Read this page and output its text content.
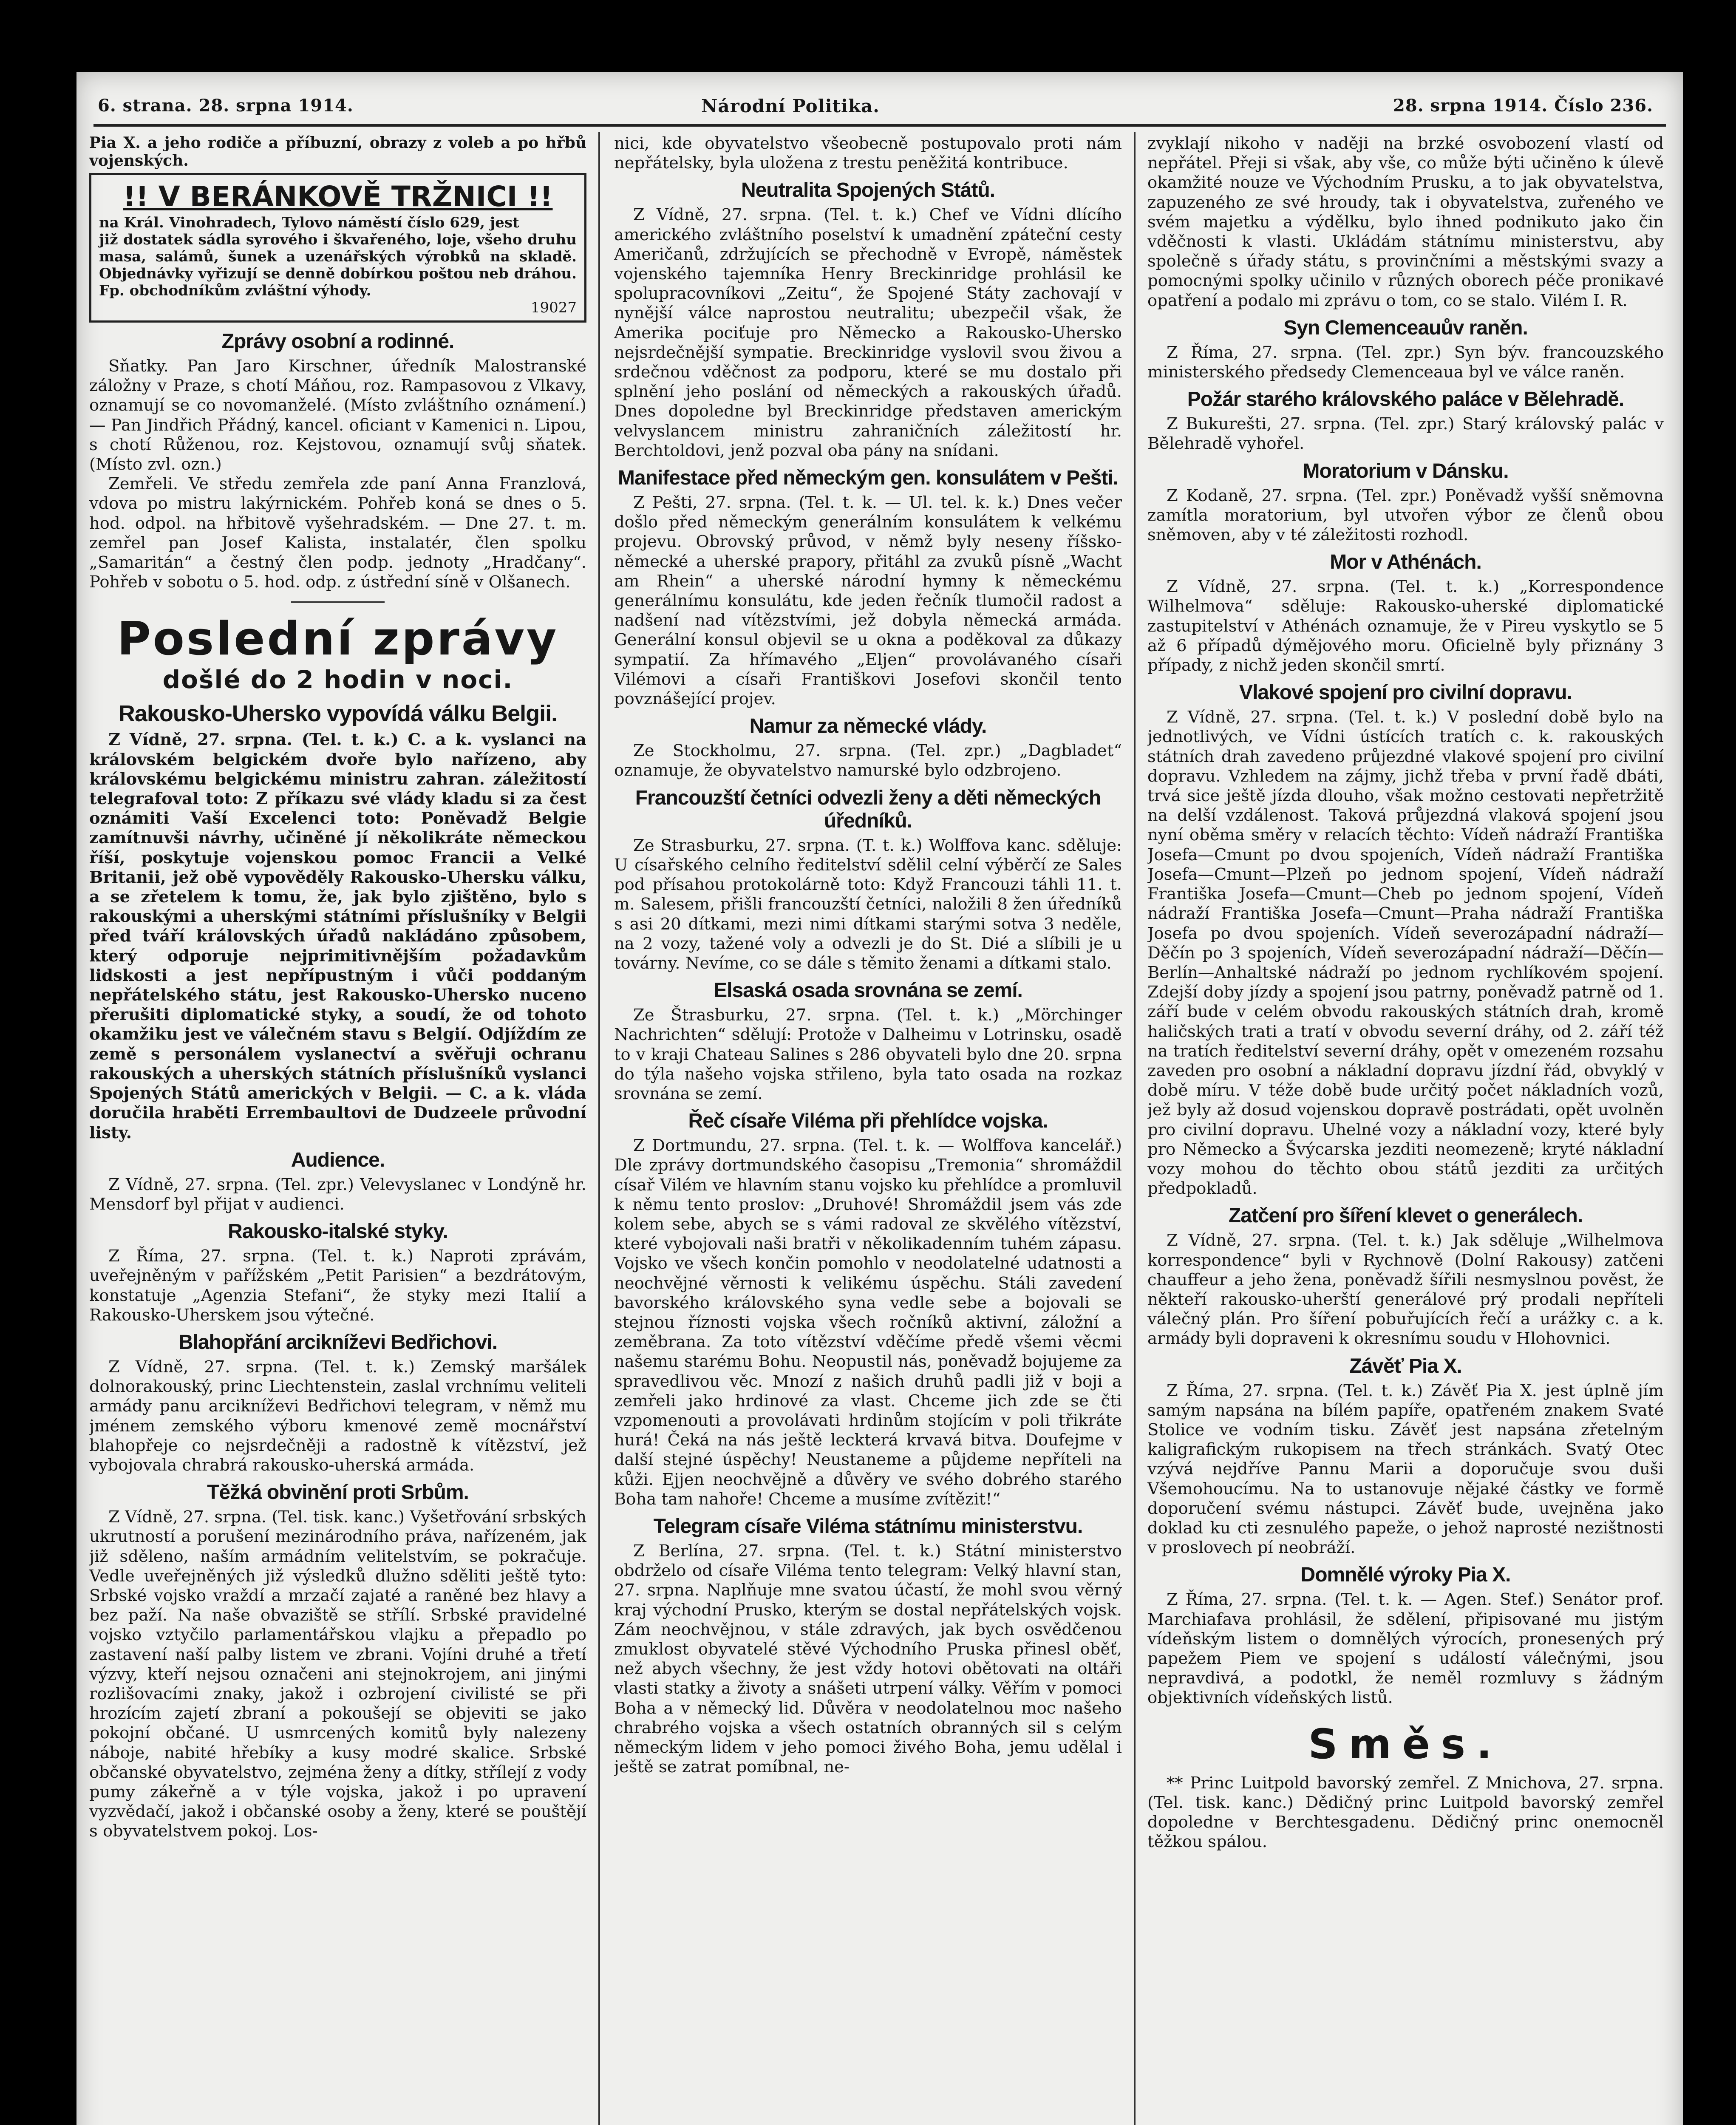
6. strana. 28. srpna 1914.	Národní Politika.	28. srpna 1914. Číslo 236.

Pia X. a jeho rodiče a příbuzní, obrazy z voleb a po hřbů vojenských.

!! V BERÁNKOVĚ TRŽNICI !!
na Král. Vinohradech, Tylovo náměstí číslo 629, jest
již dostatek sádla syrového i škvařeného, loje, všeho druhu masa, salámů, šunek a uzenářských výrobků na skladě. Objednávky vyřizují se denně dobírkou poštou neb dráhou. Fp. obchodníkům zvláštní výhody.
19027
Zprávy osobní a rodinné.

Sňatky. Pan Jaro Kirschner, úředník Malostranské záložny v Praze, s chotí Máňou, roz. Rampasovou z Vlkavy, oznamují se co novomanželé. (Místo zvláštního oznámení.) — Pan Jindřich Přádný, kancel. oficiant v Kamenici n. Lipou, s chotí Růženou, roz. Kejstovou, oznamují svůj sňatek. (Místo zvl. ozn.)

Zemřeli. Ve středu zemřela zde paní Anna Franzlová, vdova po mistru lakýrnickém. Pohřeb koná se dnes o 5. hod. odpol. na hřbitově vyšehradském. — Dne 27. t. m. zemřel pan Josef Kalista, instalatér, člen spolku „Samaritán“ a čestný člen podp. jednoty „Hradčany“. Pohřeb v sobotu o 5. hod. odp. z ústřední síně v Olšanech.

Poslední zprávy
došlé do 2 hodin v noci.
Rakousko-Uhersko vypovídá válku Belgii.

Z Vídně, 27. srpna. (Tel. t. k.) C. a k. vyslanci na královském belgickém dvoře bylo nařízeno, aby královskému belgickému ministru zahran. záležitostí telegrafoval toto: Z příkazu své vlády kladu si za čest oznámiti Vaší Excelenci toto: Poněvadž Belgie zamítnuvši návrhy, učiněné jí několikráte německou říší, poskytuje vojenskou pomoc Francii a Velké Britanii, jež obě vypověděly Rakousko-Uhersku válku, a se zřetelem k tomu, že, jak bylo zjištěno, bylo s rakouskými a uherskými státními příslušníky v Belgii před tváří královských úřadů nakládáno způsobem, který odporuje nejprimitivnějším požadavkům lidskosti a jest nepřípustným i vůči poddaným nepřátelského státu, jest Rakousko-Uhersko nuceno přerušiti diplomatické styky, a soudí, že od tohoto okamžiku jest ve válečném stavu s Belgií. Odjíždím ze země s personálem vyslanectví a svěřuji ochranu rakouských a uherských státních příslušníků vyslanci Spojených Států amerických v Belgii. — C. a k. vláda doručila hraběti Errembaultovi de Dudzeele průvodní listy.

Audience.

Z Vídně, 27. srpna. (Tel. zpr.) Velevyslanec v Londýně hr. Mensdorf byl přijat v audienci.

Rakousko-italské styky.

Z Říma, 27. srpna. (Tel. t. k.) Naproti zprávám, uveřejněným v pařížském „Petit Parisien“ a bezdrátovým, konstatuje „Agenzia Stefani“, že styky mezi Italií a Rakousko-Uherskem jsou výtečné.

Blahopřání arcikníževi Bedřichovi.

Z Vídně, 27. srpna. (Tel. t. k.) Zemský maršálek dolnorakouský, princ Liechtenstein, zaslal vrchnímu veliteli armády panu arcikníževi Bedřichovi telegram, v němž mu jménem zemského výboru kmenové země mocnářství blahopřeje co nejsrdečněji a radostně k vítězství, jež vybojovala chrabrá rakousko-uherská armáda.

Těžká obvinění proti Srbům.

Z Vídně, 27. srpna. (Tel. tisk. kanc.) Vyšetřování srbských ukrutností a porušení mezinárodního práva, nařízeném, jak již sděleno, naším armádním velitelstvím, se pokračuje. Vedle uveřejněných již výsledků dlužno sděliti ještě tyto: Srbské vojsko vraždí a mrzačí zajaté a raněné bez hlavy a bez paží. Na naše obvaziště se střílí. Srbské pravidelné vojsko vztyčilo parlamentářskou vlajku a přepadlo po zastavení naší palby listem ve zbrani. Vojíni druhé a třetí výzvy, kteří nejsou označeni ani stejnokrojem, ani jinými rozlišovacími znaky, jakož i ozbrojení civilisté se při hrozícím zajetí zbraní a pokoušejí se objeviti se jako pokojní občané. U usmrcených komitů byly nalezeny náboje, nabité hřebíky a kusy modré skalice. Srbské občanské obyvatelstvo, zejména ženy a dítky, střílejí z vody pumy zákeřně a v týle vojska, jakož i po upravení vyzvědačí, jakož i občanské osoby a ženy, které se pouštějí s obyvatelstvem pokoj. Los-

nici, kde obyvatelstvo všeobecně postupovalo proti nám nepřátelsky, byla uložena z trestu peněžitá kontribuce.

Neutralita Spojených Států.

Z Vídně, 27. srpna. (Tel. t. k.) Chef ve Vídni dlícího amerického zvláštního poselství k umadnění zpáteční cesty Američanů, zdržujících se přechodně v Evropě, náměstek vojenského tajemníka Henry Breckinridge prohlásil ke spolupracovníkovi „Zeitu“, že Spojené Státy zachovají v nynější válce naprostou neutralitu; ubezpečil však, že Amerika pociťuje pro Německo a Rakousko-Uhersko nejsrdečnější sympatie. Breckinridge vyslovil svou živou a srdečnou vděčnost za podporu, které se mu dostalo při splnění jeho poslání od německých a rakouských úřadů. Dnes dopoledne byl Breckinridge představen americkým velvyslancem ministru zahraničních záležitostí hr. Berchtoldovi, jenž pozval oba pány na snídani.

Manifestace před německým gen. konsulátem v Pešti.

Z Pešti, 27. srpna. (Tel. t. k. — Ul. tel. k. k.) Dnes večer došlo před německým generálním konsulátem k velkému projevu. Obrovský průvod, v němž byly neseny říšsko-německé a uherské prapory, přitáhl za zvuků písně „Wacht am Rhein“ a uherské národní hymny k německému generálnímu konsulátu, kde jeden řečník tlumočil radost a nadšení nad vítězstvími, jež dobyla německá armáda. Generální konsul objevil se u okna a poděkoval za důkazy sympatií. Za hřímavého „Eljen“ provolávaného císaři Vilémovi a císaři Františkovi Josefovi skončil tento povznášející projev.

Namur za německé vlády.

Ze Stockholmu, 27. srpna. (Tel. zpr.) „Dagbladet“ oznamuje, že obyvatelstvo namurské bylo odzbrojeno.

Francouzští četníci odvezli ženy a děti německých úředníků.

Ze Strasburku, 27. srpna. (T. t. k.) Wolffova kanc. sděluje: U císařského celního ředitelství sdělil celní výběrčí ze Sales pod přísahou protokolárně toto: Když Francouzi táhli 11. t. m. Salesem, přišli francouzští četníci, naložili 8 žen úředníků s asi 20 dítkami, mezi nimi dítkami starými sotva 3 neděle, na 2 vozy, tažené voly a odvezli je do St. Dié a slíbili je u továrny. Nevíme, co se dále s těmito ženami a dítkami stalo.

Elsaská osada srovnána se zemí.

Ze Štrasburku, 27. srpna. (Tel. t. k.) „Mörchinger Nachrichten“ sdělují: Protože v Dalheimu v Lotrinsku, osadě to v kraji Chateau Salines s 286 obyvateli bylo dne 20. srpna do týla našeho vojska střileno, byla tato osada na rozkaz srovnána se zemí.

Řeč císaře Viléma při přehlídce vojska.

Z Dortmundu, 27. srpna. (Tel. t. k. — Wolffova kancelář.) Dle zprávy dortmundského časopisu „Tremonia“ shromáždil císař Vilém ve hlavním stanu vojsko ku přehlídce a promluvil k němu tento proslov: „Druhové! Shromáždil jsem vás zde kolem sebe, abych se s vámi radoval ze skvělého vítězství, které vybojovali naši bratři v několikadenním tuhém zápasu. Vojsko ve všech končin pomohlo v neodolatelné udatnosti a neochvějné věrnosti k velikému úspěchu. Stáli zavedení bavorského královského syna vedle sebe a bojovali se stejnou říznosti vojska všech ročníků aktivní, záložní a zeměbrana. Za toto vítězství vděčíme předě všemi věcmi našemu starému Bohu. Neopustil nás, poněvadž bojujeme za spravedlivou věc. Mnozí z našich druhů padli již v boji a zemřeli jako hrdinové za vlast. Chceme jich zde se čti vzpomenouti a provolávati hrdinům stojícím v poli třikráte hurá! Čeká na nás ještě leckterá krvavá bitva. Doufejme v další stejné úspěchy! Neustaneme a půjdeme nepříteli na kůži. Ejjen neochvějně a důvěry ve svého dobrého starého Boha tam nahoře! Chceme a musíme zvítězit!“

Telegram císaře Viléma státnímu ministerstvu.

Z Berlína, 27. srpna. (Tel. t. k.) Státní ministerstvo obdrželo od císaře Viléma tento telegram: Velký hlavní stan, 27. srpna. Naplňuje mne svatou účastí, že mohl svou věrný kraj východní Prusko, kterým se dostal nepřátelských vojsk. Zám neochvějnou, v stále zdravých, jak bych osvědčenou zmuklost obyvatelé stěvé Východního Pruska přinesl oběť, než abych všechny, že jest vždy hotovi obětovati na oltáři vlasti statky a životy a snášeti utrpení války. Věřím v pomoci Boha a v německý lid. Důvěra v neodolatelnou moc našeho chrabrého vojska a všech ostatních obranných sil s celým německým lidem v jeho pomoci živého Boha, jemu udělal i ještě se zatrat pomíbnal, ne-

zvyklají nikoho v naději na brzké osvobození vlastí od nepřátel. Přeji si však, aby vše, co může býti učiněno k úlevě okamžité nouze ve Východním Prusku, a to jak obyvatelstva, zapuzeného ze své hroudy, tak i obyvatelstva, zuřeného ve svém majetku a výdělku, bylo ihned podnikuto jako čin vděčnosti k vlasti. Ukládám státnímu ministerstvu, aby společně s úřady státu, s provinčními a městskými svazy a pomocnými spolky učinilo v různých oborech péče pronikavé opatření a podalo mi zprávu o tom, co se stalo. Vilém I. R.

Syn Clemenceauův raněn.

Z Říma, 27. srpna. (Tel. zpr.) Syn býv. francouzského ministerského předsedy Clemenceaua byl ve válce raněn.

Požár starého královského paláce v Bělehradě.

Z Bukurešti, 27. srpna. (Tel. zpr.) Starý královský palác v Bělehradě vyhořel.

Moratorium v Dánsku.

Z Kodaně, 27. srpna. (Tel. zpr.) Poněvadž vyšší sněmovna zamítla moratorium, byl utvořen výbor ze členů obou sněmoven, aby v té záležitosti rozhodl.

Mor v Athénách.

Z Vídně, 27. srpna. (Tel. t. k.) „Korrespondence Wilhelmova“ sděluje: Rakousko-uherské diplomatické zastupitelství v Athénách oznamuje, že v Pireu vyskytlo se 5 až 6 případů dýmějového moru. Oficielně byly přiznány 3 případy, z nichž jeden skončil smrtí.

Vlakové spojení pro civilní dopravu.

Z Vídně, 27. srpna. (Tel. t. k.) V poslední době bylo na jednotlivých, ve Vídni ústících tratích c. k. rakouských státních drah zavedeno průjezdné vlakové spojení pro civilní dopravu. Vzhledem na zájmy, jichž třeba v první řadě dbáti, trvá sice ještě jízda dlouho, však možno cestovati nepřetržitě na delší vzdálenost. Taková průjezdná vlaková spojení jsou nyní oběma směry v relacích těchto: Vídeň nádraží Františka Josefa—Cmunt po dvou spojeních, Vídeň nádraží Františka Josefa—Cmunt—Plzeň po jednom spojení, Vídeň nádraží Františka Josefa—Cmunt—Cheb po jednom spojení, Vídeň nádraží Františka Josefa—Cmunt—Praha nádraží Františka Josefa po dvou spojeních. Vídeň severozápadní nádraží—Děčín po 3 spojeních, Vídeň severozápadní nádraží—Děčín—Berlín—Anhaltské nádraží po jednom rychlíkovém spojení. Zdejší doby jízdy a spojení jsou patrny, poněvadž patrně od 1. září bude v celém obvodu rakouských státních drah, kromě haličských trati a tratí v obvodu severní dráhy, od 2. září též na tratích ředitelství severní dráhy, opět v omezeném rozsahu zaveden pro osobní a nákladní dopravu jízdní řád, obvyklý v době míru. V téže době bude určitý počet nákladních vozů, jež byly až dosud vojenskou dopravě postrádati, opět uvolněn pro civilní dopravu. Uhelné vozy a nákladní vozy, které byly pro Německo a Švýcarska jezditi neomezeně; kryté nákladní vozy mohou do těchto obou států jezditi za určitých předpokladů.

Zatčení pro šíření klevet o generálech.

Z Vídně, 27. srpna. (Tel. t. k.) Jak sděluje „Wilhelmova korrespondence“ byli v Rychnově (Dolní Rakousy) zatčeni chauffeur a jeho žena, poněvadž šířili nesmyslnou pověst, že někteří rakousko-uherští generálové prý prodali nepříteli válečný plán. Pro šíření pobuřujících řečí a urážky c. a k. armády byli dopraveni k okresnímu soudu v Hlohovnici.

Závěť Pia X.

Z Říma, 27. srpna. (Tel. t. k.) Závěť Pia X. jest úplně jím samým napsána na bílém papíře, opatřeném znakem Svaté Stolice ve vodním tisku. Závěť jest napsána zřetelným kaligrafickým rukopisem na třech stránkách. Svatý Otec vzývá nejdříve Pannu Marii a doporučuje svou duši Všemohoucímu. Na to ustanovuje nějaké částky ve formě doporučení svému nástupci. Závěť bude, uvejněna jako doklad ku cti zesnulého papeže, o jehož naprosté nezištnosti v proslovech pí neobráží.

Domnělé výroky Pia X.

Z Říma, 27. srpna. (Tel. t. k. — Agen. Stef.) Senátor prof. Marchiafava prohlásil, že sdělení, připisované mu jistým vídeňským listem o domnělých výrocích, pronesených prý papežem Piem ve spojení s událostí válečnými, jsou nepravdivá, a podotkl, že neměl rozmluvy s žádným objektivních vídeňských listů.

Směs.

** Princ Luitpold bavorský zemřel. Z Mnichova, 27. srpna. (Tel. tisk. kanc.) Dědičný princ Luitpold bavorský zemřel dopoledne v Berchtesgadenu. Dědičný princ onemocněl těžkou spálou.
